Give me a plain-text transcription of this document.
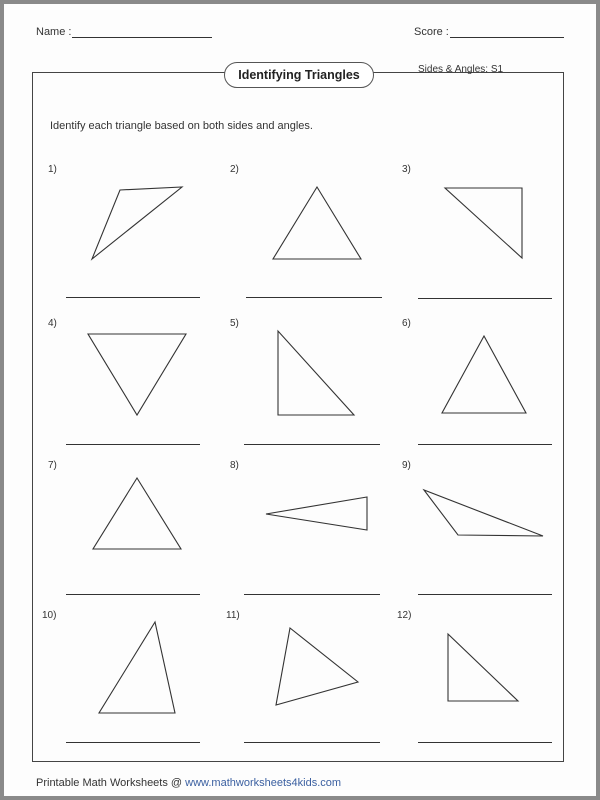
Name :	Score :
Identifying Triangles	Sides & Angles: S1
Identify each triangle based on both sides and angles.
1)	2)	3)
4)	5)	6)
7)	8)	9)
10)	11)	12)
Printable Math Worksheets @ www.mathworksheets4kids.com
